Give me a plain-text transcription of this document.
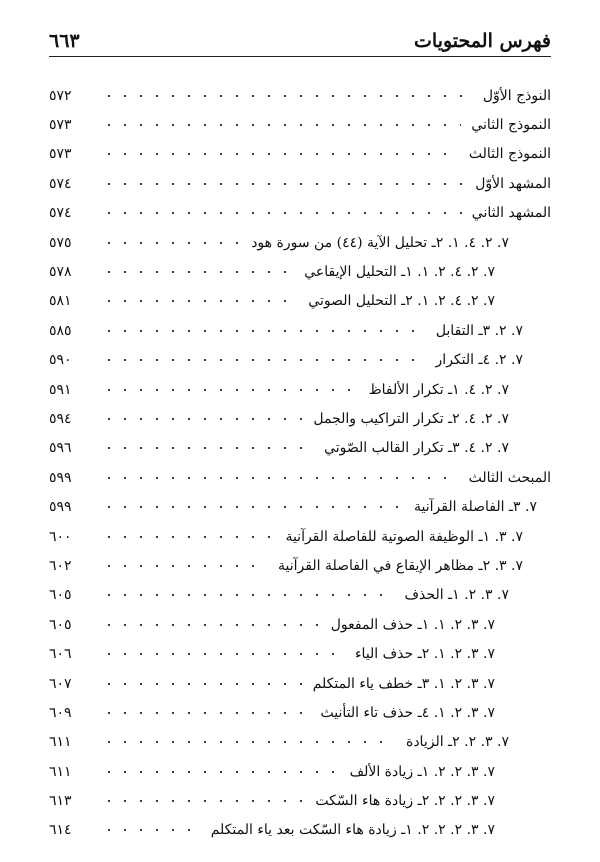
فهرس المحتويات
٦٦٣
النوذج الأوّل
٥٧٢
النموذج الثاني
٥٧٣
النموذج الثالث
٥٧٣
المشهد الأوّل
٥٧٤
المشهد الثاني
٥٧٤
٧. ٢. ٤. ١. ٢ـ تحليل الآية (٤٤) من سورة هود
٥٧٥
٧. ٢. ٤. ٢. ١. ١ـ التحليل الإيقاعي
٥٧٨
٧. ٢. ٤. ٢. ١. ٢ـ التحليل الصوتي
٥٨١
٧. ٢. ٣ـ التقابل
٥٨٥
٧. ٢. ٤ـ التكرار
٥٩٠
٧. ٢. ٤. ١ـ تكرار الألفاظ
٥٩١
٧. ٢. ٤. ٢ـ تكرار التراكيب والجمل
٥٩٤
٧. ٢. ٤. ٣ـ تكرار القالب الصّوتي
٥٩٦
المبحث الثالث
٥٩٩
٧. ٣ـ الفاصلة القرآنية
٥٩٩
٧. ٣. ١ـ الوظيفة الصوتية للفاصلة القرآنية
٦٠٠
٧. ٣. ٢ـ مظاهر الإيقاع في الفاصلة القرآنية
٦٠٢
٧. ٣. ٢. ١ـ الحذف
٦٠٥
٧. ٣. ٢. ١. ١ـ حذف المفعول
٦٠٥
٧. ٣. ٢. ١. ٢ـ حذف الياء
٦٠٦
٧. ٣. ٢. ١. ٣ـ خطف ياء المتكلم
٦٠٧
٧. ٣. ٢. ١. ٤ـ حذف تاء التأنيث
٦٠٩
٧. ٣. ٢. ٢ـ الزيادة
٦١١
٧. ٣. ٢. ٢. ١ـ زيادة الألف
٦١١
٧. ٣. ٢. ٢. ٢ـ زيادة هاء السّكت
٦١٣
٧. ٣. ٢. ٢. ٢. ١ـ زيادة هاء السّكت بعد ياء المتكلم
٦١٤
